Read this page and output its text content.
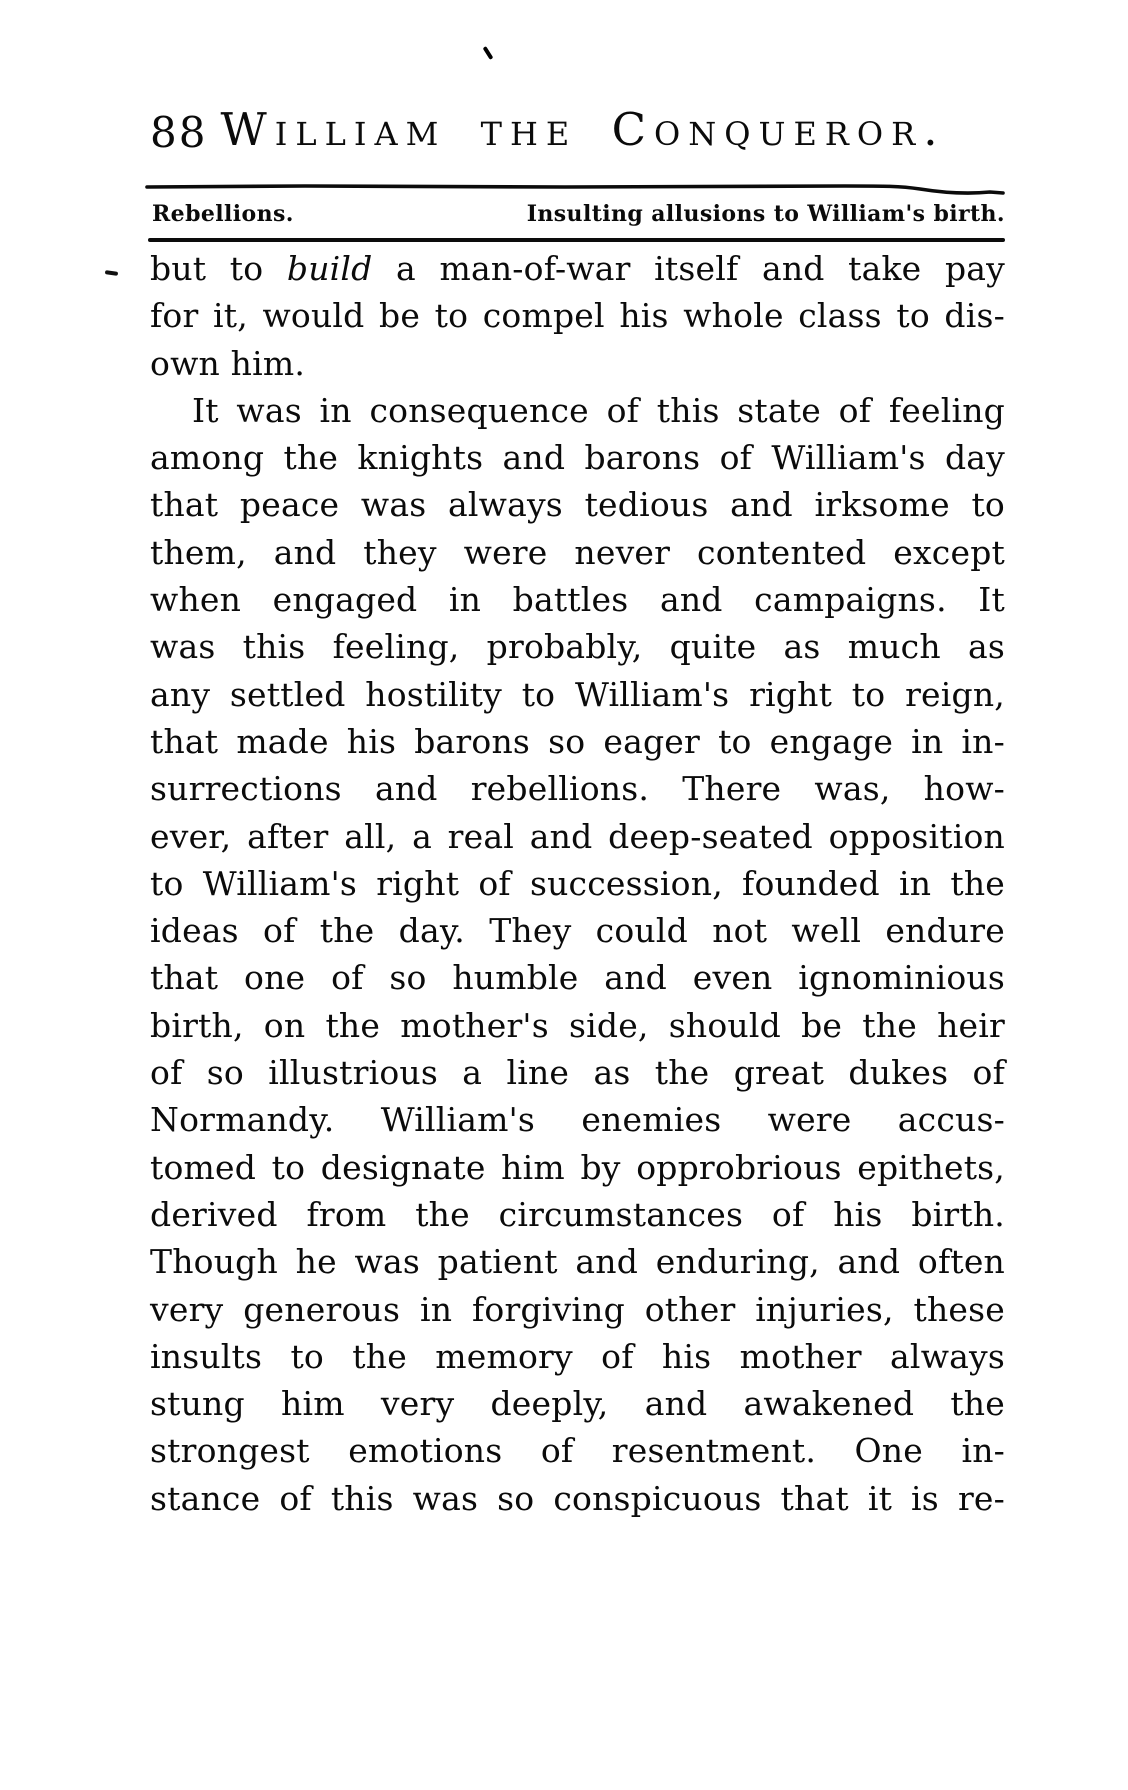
88 William the Conqueror.
Rebellions.	Insulting allusions to William's birth.
but to build a man-of-war itself and take pay
for it, would be to compel his whole class to dis-
own him.
It was in consequence of this state of feeling
among the knights and barons of William's day
that peace was always tedious and irksome to
them, and they were never contented except
when engaged in battles and campaigns. It
was this feeling, probably, quite as much as
any settled hostility to William's right to reign,
that made his barons so eager to engage in in-
surrections and rebellions. There was, how-
ever, after all, a real and deep-seated opposition
to William's right of succession, founded in the
ideas of the day. They could not well endure
that one of so humble and even ignominious
birth, on the mother's side, should be the heir
of so illustrious a line as the great dukes of
Normandy. William's enemies were accus-
tomed to designate him by opprobrious epithets,
derived from the circumstances of his birth.
Though he was patient and enduring, and often
very generous in forgiving other injuries, these
insults to the memory of his mother always
stung him very deeply, and awakened the
strongest emotions of resentment. One in-
stance of this was so conspicuous that it is re-
